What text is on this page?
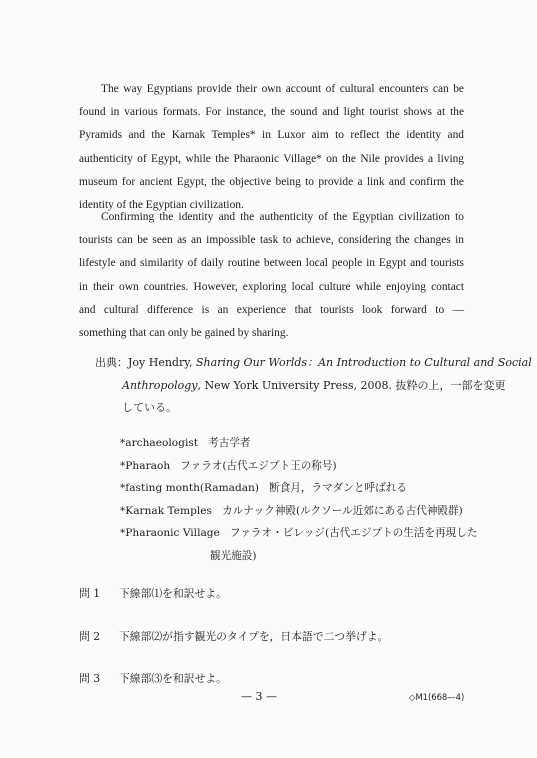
The way Egyptians provide their own account of cultural encounters can be
found in various formats. For instance, the sound and light tourist shows at the
Pyramids and the Karnak Temples* in Luxor aim to reflect the identity and
authenticity of Egypt, while the Pharaonic Village* on the Nile provides a living
museum for ancient Egypt, the objective being to provide a link and confirm the
identity of the Egyptian civilization.
Confirming the identity and the authenticity of the Egyptian civilization to
tourists can be seen as an impossible task to achieve, considering the changes in
lifestyle and similarity of daily routine between local people in Egypt and tourists
in their own countries. However, exploring local culture while enjoying contact
and cultural difference is an experience that tourists look forward to —
something that can only be gained by sharing.
出典：Joy Hendry, Sharing Our Worlds：An Introduction to Cultural and Social
Anthropology, New York University Press, 2008. 抜粋の上，一部を変更
している。
*archaeologist 考古学者
*Pharaoh ファラオ(古代エジプト王の称号)
*fasting month(Ramadan) 断食月，ラマダンと呼ばれる
*Karnak Temples カルナック神殿(ルクソール近郊にある古代神殿群)
*Pharaonic Village ファラオ・ビレッジ(古代エジプトの生活を再現した
観光施設)
問 1 下線部⑴を和訳せよ。
問 2 下線部⑵が指す観光のタイプを，日本語で二つ挙げよ。
問 3 下線部⑶を和訳せよ。
— 3 —	◇M1(668—4)
